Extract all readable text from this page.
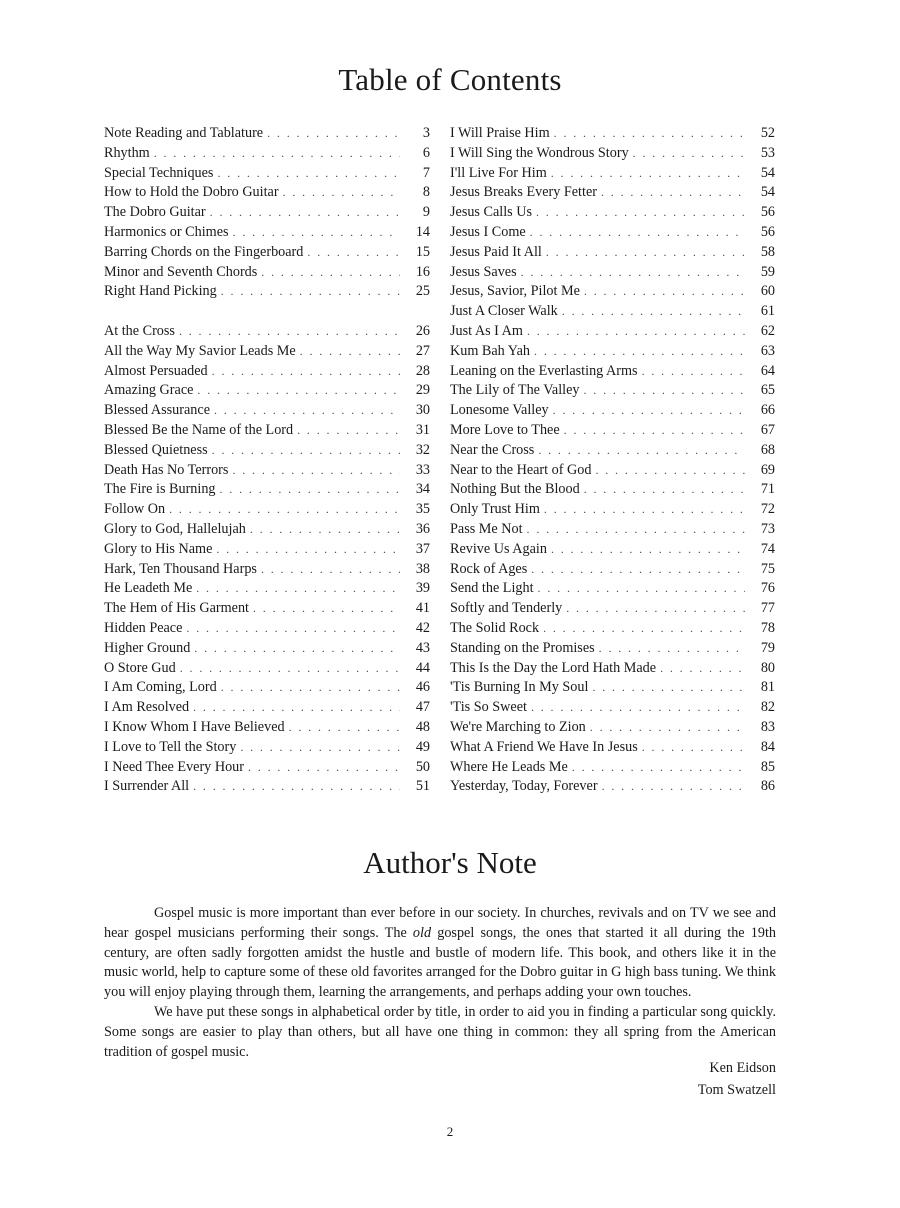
Table of Contents
Note Reading and Tablature . . .	3
Rhythm . . .	6
Special Techniques . . .	7
How to Hold the Dobro Guitar . . .	8
The Dobro Guitar . . .	9
Harmonics or Chimes . . .	14
Barring Chords on the Fingerboard . . .	15
Minor and Seventh Chords . . .	16
Right Hand Picking . . .	25
At the Cross . . .	26
All the Way My Savior Leads Me . . .	27
Almost Persuaded . . .	28
Amazing Grace . . .	29
Blessed Assurance . . .	30
Blessed Be the Name of the Lord . . .	31
Blessed Quietness . . .	32
Death Has No Terrors . . .	33
The Fire is Burning . . .	34
Follow On . . .	35
Glory to God, Hallelujah . . .	36
Glory to His Name . . .	37
Hark, Ten Thousand Harps . . .	38
He Leadeth Me . . .	39
The Hem of His Garment . . .	41
Hidden Peace . . .	42
Higher Ground . . .	43
O Store Gud . . .	44
I Am Coming, Lord . . .	46
I Am Resolved . . .	47
I Know Whom I Have Believed . . .	48
I Love to Tell the Story . . .	49
I Need Thee Every Hour . . .	50
I Surrender All . . .	51
I Will Praise Him . . .	52
I Will Sing the Wondrous Story . . .	53
I'll Live For Him . . .	54
Jesus Breaks Every Fetter . . .	54
Jesus Calls Us . . .	56
Jesus I Come . . .	56
Jesus Paid It All . . .	58
Jesus Saves . . .	59
Jesus, Savior, Pilot Me . . .	60
Just A Closer Walk . . .	61
Just As I Am . . .	62
Kum Bah Yah . . .	63
Leaning on the Everlasting Arms . . .	64
The Lily of The Valley . . .	65
Lonesome Valley . . .	66
More Love to Thee . . .	67
Near the Cross . . .	68
Near to the Heart of God . . .	69
Nothing But the Blood . . .	71
Only Trust Him . . .	72
Pass Me Not . . .	73
Revive Us Again . . .	74
Rock of Ages . . .	75
Send the Light . . .	76
Softly and Tenderly . . .	77
The Solid Rock . . .	78
Standing on the Promises . . .	79
This Is the Day the Lord Hath Made . . .	80
'Tis Burning In My Soul . . .	81
'Tis So Sweet . . .	82
We're Marching to Zion . . .	83
What A Friend We Have In Jesus . . .	84
Where He Leads Me . . .	85
Yesterday, Today, Forever . . .	86
Author's Note

Gospel music is more important than ever before in our society. In churches, revivals and on TV we see and hear gospel musicians performing their songs. The old gospel songs, the ones that started it all during the 19th century, are often sadly forgotten amidst the hustle and bustle of modern life. This book, and others like it in the music world, help to capture some of these old favorites arranged for the Dobro guitar in G high bass tuning. We think you will enjoy playing through them, learning the arrangements, and perhaps adding your own touches.

We have put these songs in alphabetical order by title, in order to aid you in finding a particular song quickly. Some songs are easier to play than others, but all have one thing in common: they all spring from the American tradition of gospel music.

Ken Eidson
Tom Swatzell
2
